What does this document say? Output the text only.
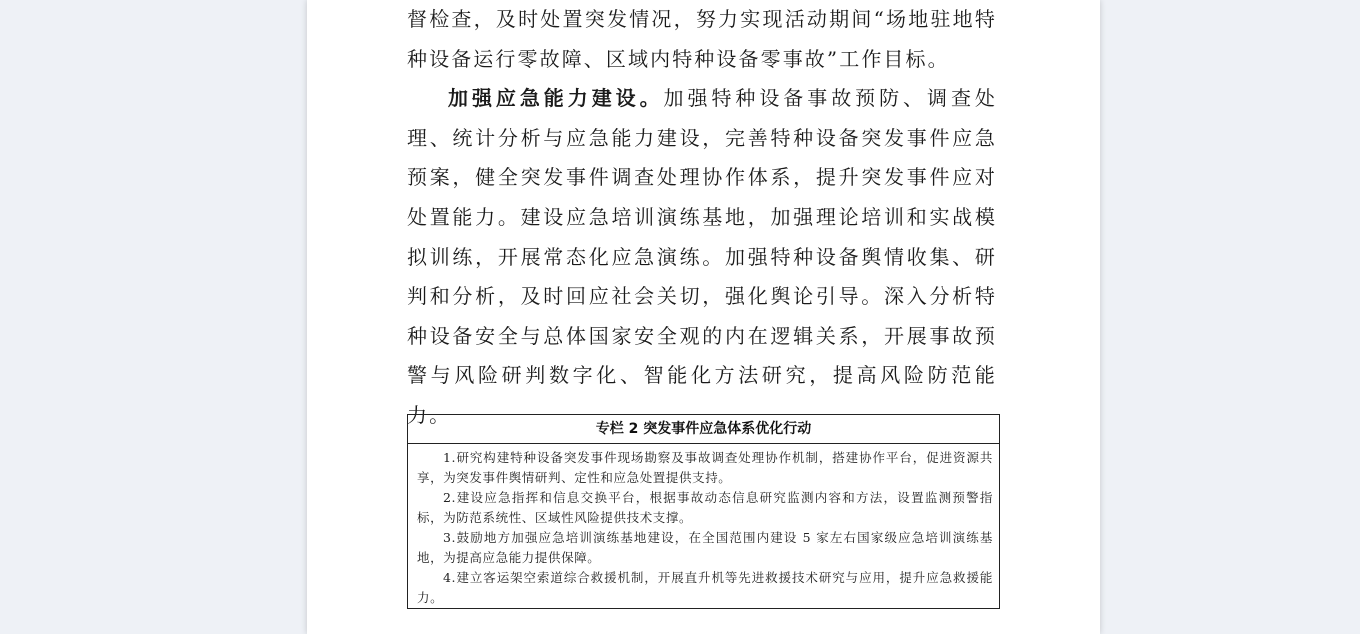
督检查，及时处置突发情况，努力实现活动期间“场地驻地特种设备运行零故障、区域内特种设备零事故”工作目标。

加强应急能力建设。加强特种设备事故预防、调查处理、统计分析与应急能力建设，完善特种设备突发事件应急预案，健全突发事件调查处理协作体系，提升突发事件应对处置能力。建设应急培训演练基地，加强理论培训和实战模拟训练，开展常态化应急演练。加强特种设备舆情收集、研判和分析，及时回应社会关切，强化舆论引导。深入分析特种设备安全与总体国家安全观的内在逻辑关系，开展事故预警与风险研判数字化、智能化方法研究，提高风险防范能力。

专栏 2 突发事件应急体系优化行动

1.研究构建特种设备突发事件现场勘察及事故调查处理协作机制，搭建协作平台，促进资源共享，为突发事件舆情研判、定性和应急处置提供支持。

2.建设应急指挥和信息交换平台，根据事故动态信息研究监测内容和方法，设置监测预警指标，为防范系统性、区域性风险提供技术支撑。

3.鼓励地方加强应急培训演练基地建设，在全国范围内建设 5 家左右国家级应急培训演练基地，为提高应急能力提供保障。

4.建立客运架空索道综合救援机制，开展直升机等先进救援技术研究与应用，提升应急救援能力。
